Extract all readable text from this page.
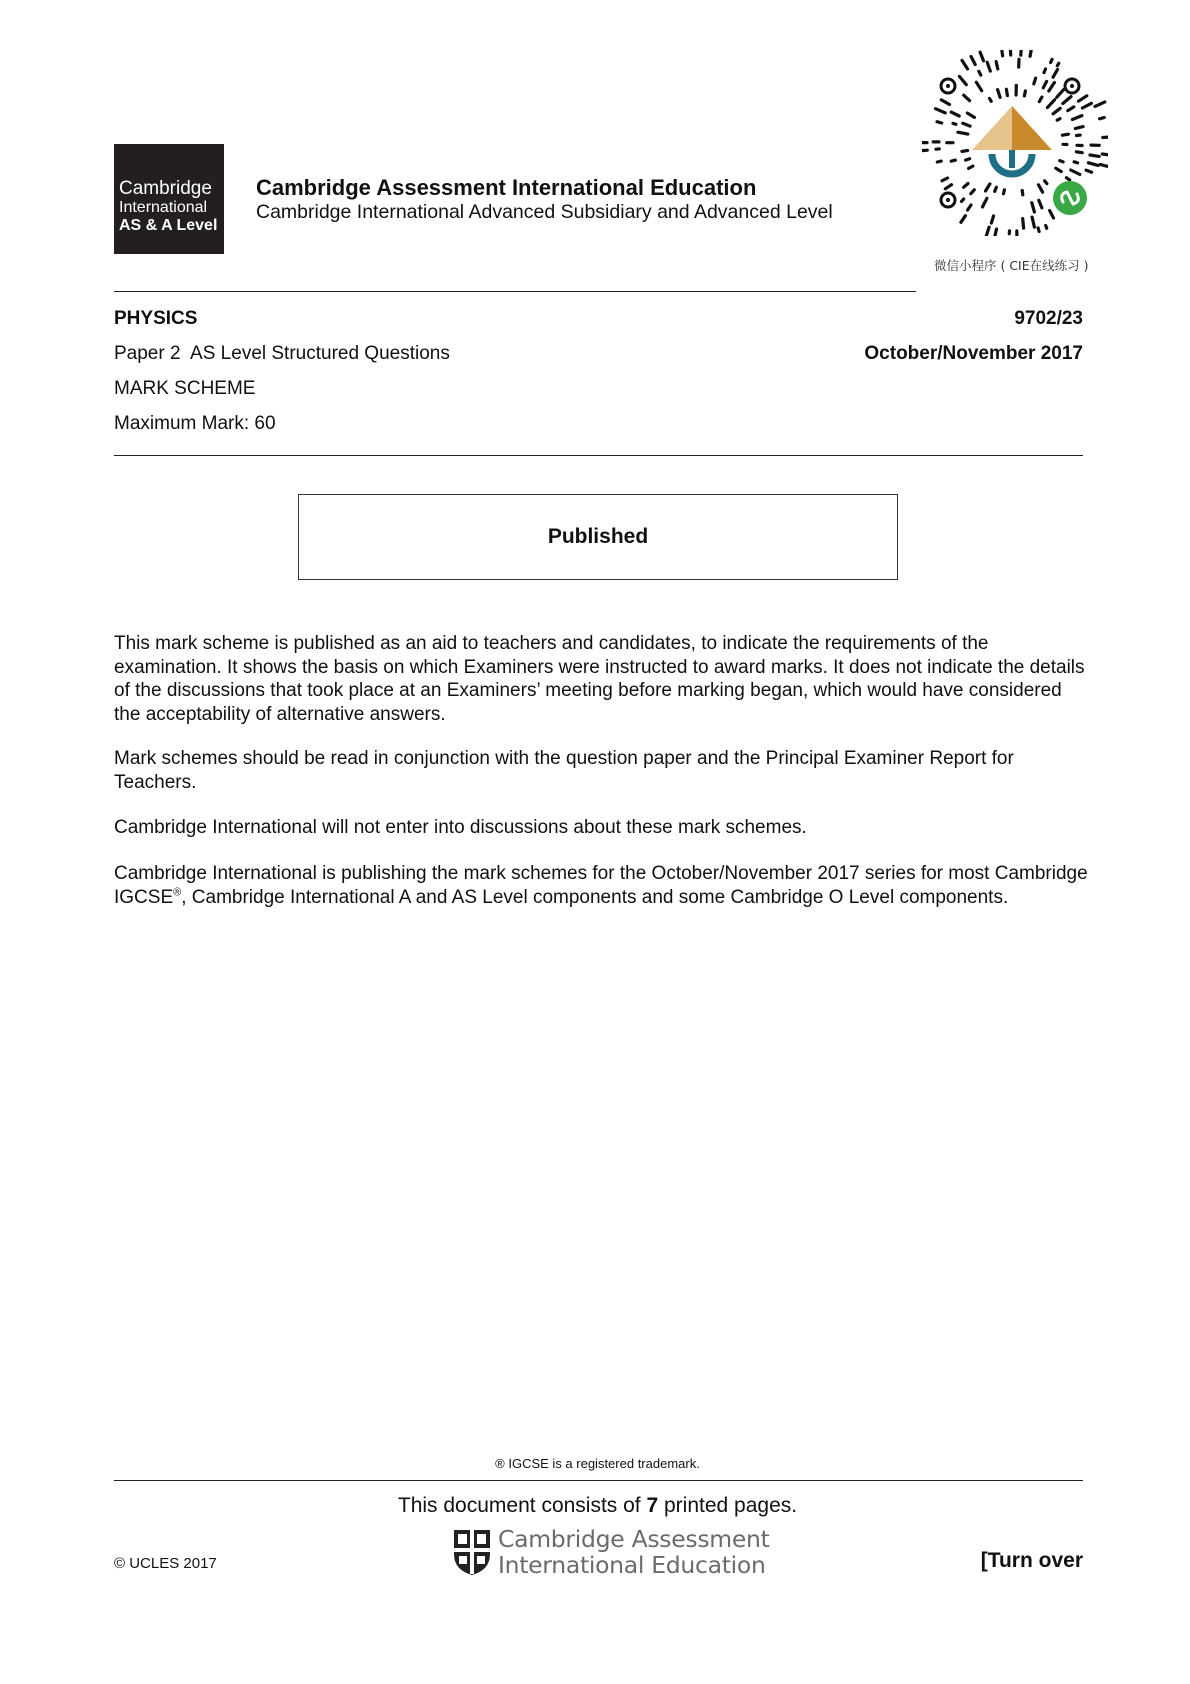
Cambridge
International
AS & A Level
Cambridge Assessment International Education
Cambridge International Advanced Subsidiary and Advanced Level
微信小程序 ( CIE在线练习 )
PHYSICS	9702/23
Paper 2  AS Level Structured Questions	October/November 2017
MARK SCHEME
Maximum Mark: 60
Published
This mark scheme is published as an aid to teachers and candidates, to indicate the requirements of the examination. It shows the basis on which Examiners were instructed to award marks. It does not indicate the details of the discussions that took place at an Examiners’ meeting before marking began, which would have considered the acceptability of alternative answers.
Mark schemes should be read in conjunction with the question paper and the Principal Examiner Report for Teachers.
Cambridge International will not enter into discussions about these mark schemes.
Cambridge International is publishing the mark schemes for the October/November 2017 series for most Cambridge IGCSE®, Cambridge International A and AS Level components and some Cambridge O Level components.
® IGCSE is a registered trademark.
This document consists of 7 printed pages.
Cambridge Assessment
International Education
© UCLES 2017	[Turn over
